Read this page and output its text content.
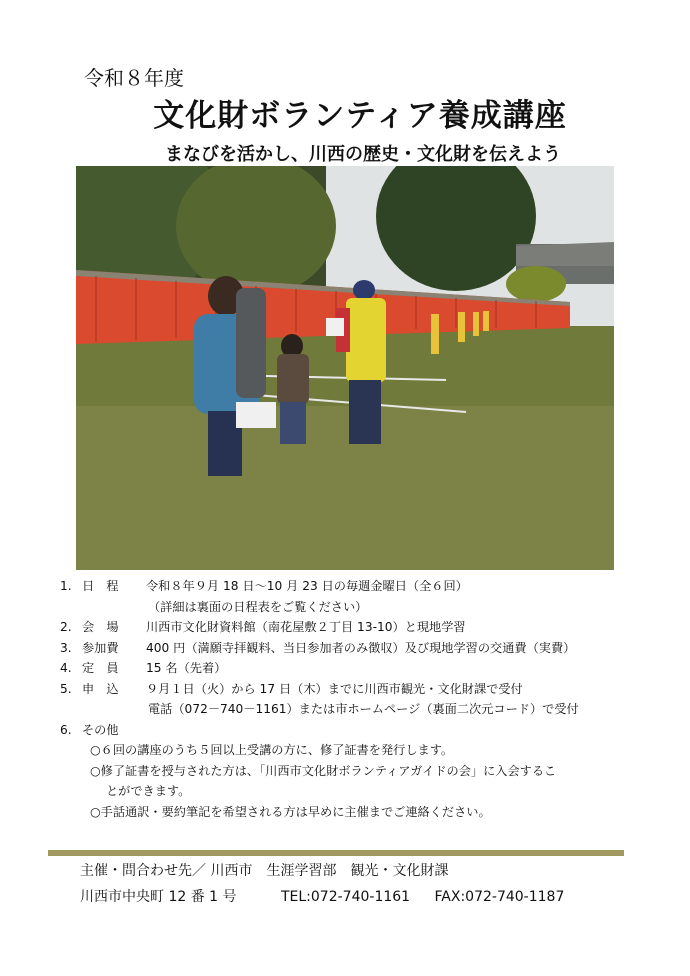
令和８年度
文化財ボランティア養成講座
まなびを活かし、川西の歴史・文化財を伝えよう
1. 日　程	令和８年９月 18 日～10 月 23 日の毎週金曜日（全６回）
（詳細は裏面の日程表をご覧ください）
2. 会　場	川西市文化財資料館（南花屋敷２丁目 13-10）と現地学習
3. 参加費	400 円（満願寺拝観料、当日参加者のみ徴収）及び現地学習の交通費（実費）
4. 定　員	15 名（先着）
5. 申　込	９月１日（火）から 17 日（木）までに川西市観光・文化財課で受付
電話（072－740－1161）または市ホームページ（裏面二次元コード）で受付
6. その他
○６回の講座のうち５回以上受講の方に、修了証書を発行します。
○修了証書を授与された方は、「川西市文化財ボランティアガイドの会」に入会するこ
とができます。
○手話通訳・要約筆記を希望される方は早めに主催までご連絡ください。
主催・問合わせ先／ 川西市　生涯学習部　観光・文化財課
川西市中央町 12 番 1 号	TEL:072-740-1161 FAX:072-740-1187
